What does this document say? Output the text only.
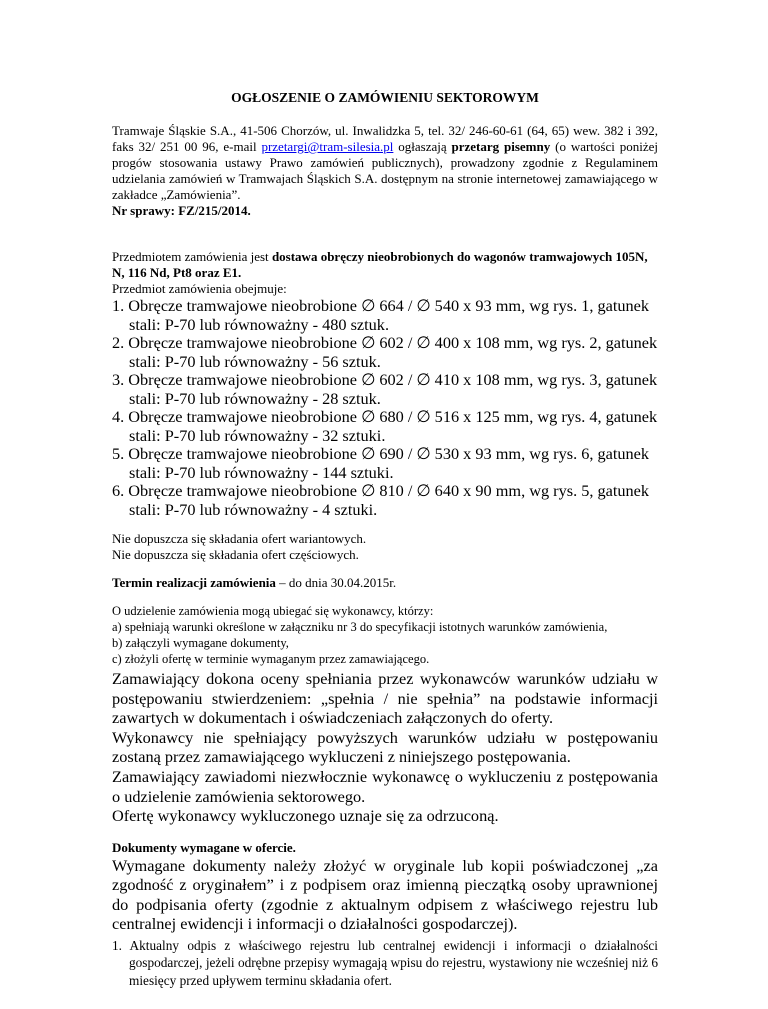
OGŁOSZENIE O ZAMÓWIENIU SEKTOROWYM

Tramwaje Śląskie S.A., 41-506 Chorzów, ul. Inwalidzka 5, tel. 32/ 246-60-61 (64, 65) wew. 382 i 392, faks 32/ 251 00 96, e-mail przetargi@tram-silesia.pl ogłaszają przetarg pisemny (o wartości poniżej progów stosowania ustawy Prawo zamówień publicznych), prowadzony zgodnie z Regulaminem udzielania zamówień w Tramwajach Śląskich S.A. dostępnym na stronie internetowej zamawiającego w zakładce „Zamówienia”.
Nr sprawy: FZ/215/2014.

Przedmiotem zamówienia jest dostawa obręczy nieobrobionych do wagonów tramwajowych 105N, N, 116 Nd, Pt8 oraz E1.

Przedmiot zamówienia obejmuje:

1. Obręcze tramwajowe nieobrobione ∅ 664 / ∅ 540 x 93 mm, wg rys. 1, gatunek stali: P-70 lub równoważny - 480 sztuk.

2. Obręcze tramwajowe nieobrobione ∅ 602 / ∅ 400 x 108 mm, wg rys. 2, gatunek stali: P-70 lub równoważny - 56 sztuk.

3. Obręcze tramwajowe nieobrobione ∅ 602 / ∅ 410 x 108 mm, wg rys. 3, gatunek stali: P-70 lub równoważny - 28 sztuk.

4. Obręcze tramwajowe nieobrobione ∅ 680 / ∅ 516 x 125 mm, wg rys. 4, gatunek stali: P-70 lub równoważny - 32 sztuki.

5. Obręcze tramwajowe nieobrobione ∅ 690 / ∅ 530 x 93 mm, wg rys. 6, gatunek stali: P-70 lub równoważny - 144 sztuki.

6. Obręcze tramwajowe nieobrobione ∅ 810 / ∅ 640 x 90 mm, wg rys. 5, gatunek stali: P-70 lub równoważny - 4 sztuki.

Nie dopuszcza się składania ofert wariantowych.

Nie dopuszcza się składania ofert częściowych.

Termin realizacji zamówienia – do dnia 30.04.2015r.

O udzielenie zamówienia mogą ubiegać się wykonawcy, którzy:

a) spełniają warunki określone w załączniku nr 3 do specyfikacji istotnych warunków zamówienia,

b) załączyli wymagane dokumenty,

c) złożyli ofertę w terminie wymaganym przez zamawiającego.

Zamawiający dokona oceny spełniania przez wykonawców warunków udziału w postępowaniu stwierdzeniem: „spełnia / nie spełnia” na podstawie informacji zawartych w dokumentach i oświadczeniach załączonych do oferty.

Wykonawcy nie spełniający powyższych warunków udziału w postępowaniu zostaną przez zamawiającego wykluczeni z niniejszego postępowania.

Zamawiający zawiadomi niezwłocznie wykonawcę o wykluczeniu z postępowania o udzielenie zamówienia sektorowego.

Ofertę wykonawcy wykluczonego uznaje się za odrzuconą.

Dokumenty wymagane w ofercie.

Wymagane dokumenty należy złożyć w oryginale lub kopii poświadczonej „za zgodność z oryginałem” i z podpisem oraz imienną pieczątką osoby uprawnionej do podpisania oferty (zgodnie z aktualnym odpisem z właściwego rejestru lub centralnej ewidencji i informacji o działalności gospodarczej).

1. Aktualny odpis z właściwego rejestru lub centralnej ewidencji i informacji o działalności gospodarczej, jeżeli odrębne przepisy wymagają wpisu do rejestru, wystawiony nie wcześniej niż 6 miesięcy przed upływem terminu składania ofert.
